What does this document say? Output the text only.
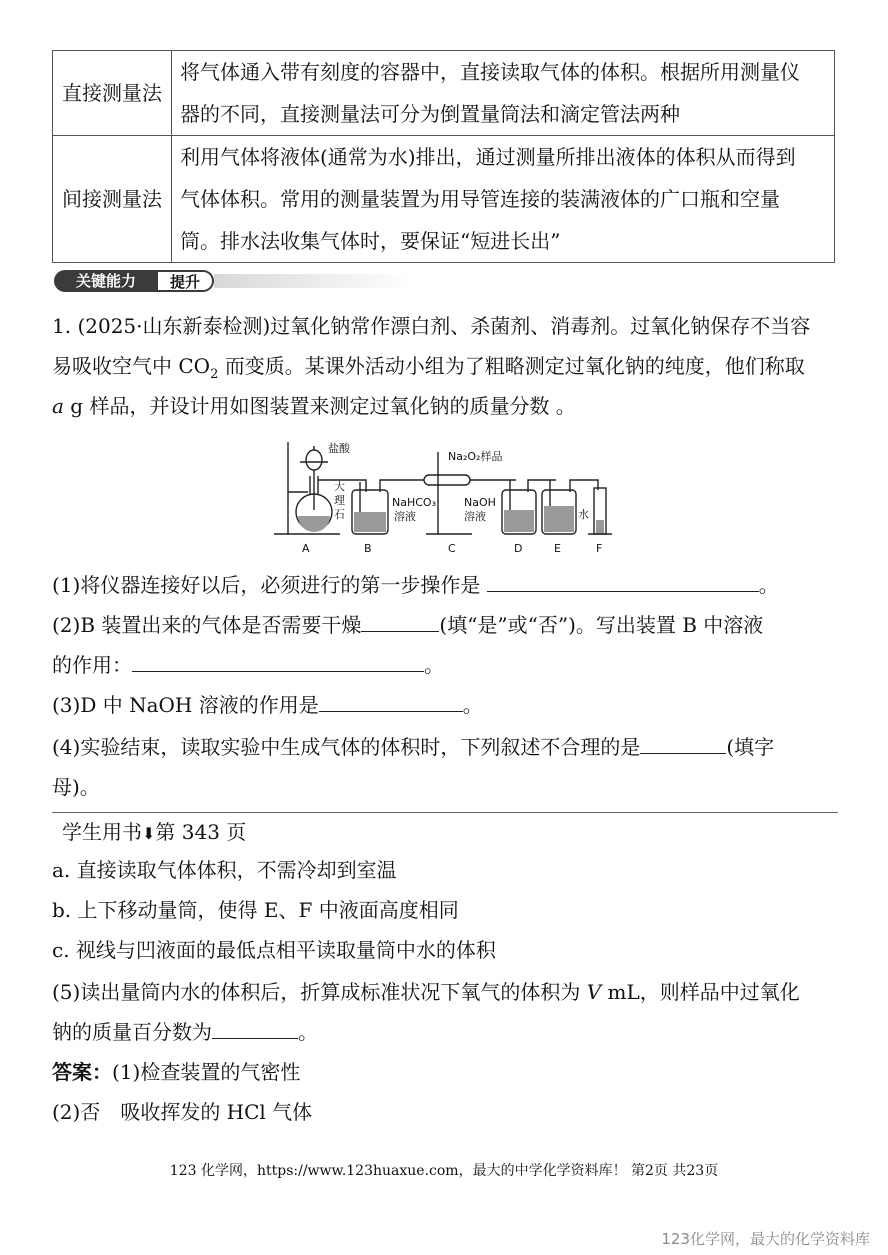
直接测量法	将气体通入带有刻度的容器中，直接读取气体的体积。根据所用测量仪
器的不同，直接测量法可分为倒置量筒法和滴定管法两种

间接测量法	利用气体将液体(通常为水)排出，通过测量所排出液体的体积从而得到
气体体积。常用的测量装置为用导管连接的装满液体的广口瓶和空量
筒。排水法收集气体时，要保证“短进长出”
关键能力	提升
1. (2025·山东新泰检测)过氧化钠常作漂白剂、杀菌剂、消毒剂。过氧化钠保存不当容
易吸收空气中 $CO_2$ 而变质。某课外活动小组为了粗略测定过氧化钠的纯度，他们称取
a g 样品，并设计用如图装置来测定过氧化钠的质量分数 。
盐酸
Na₂O₂样品
大
理
石
NaHCO₃
溶液
NaOH
溶液	水
A	B	C	D	E	F
(1)将仪器连接好以后，必须进行的第一步操作是	。
(2)B 装置出来的气体是否需要干燥	(填“是”或“否”)。写出装置 B 中溶液
的作用：	。
(3)D 中 NaOH 溶液的作用是	。
(4)实验结束，读取实验中生成气体的体积时，下列叙述不合理的是	(填字
母)。
学生用书⬇第 343 页
a. 直接读取气体体积，不需冷却到室温
b. 上下移动量筒，使得 E、F 中液面高度相同
c. 视线与凹液面的最低点相平读取量筒中水的体积
(5)读出量筒内水的体积后，折算成标准状况下氧气的体积为 V mL，则样品中过氧化
钠的质量百分数为	。
答案：(1)检查装置的气密性
(2)否　吸收挥发的 HCl 气体
123 化学网，https://www.123huaxue.com，最大的中学化学资料库！ 第2页 共23页
123化学网，最大的化学资料库
